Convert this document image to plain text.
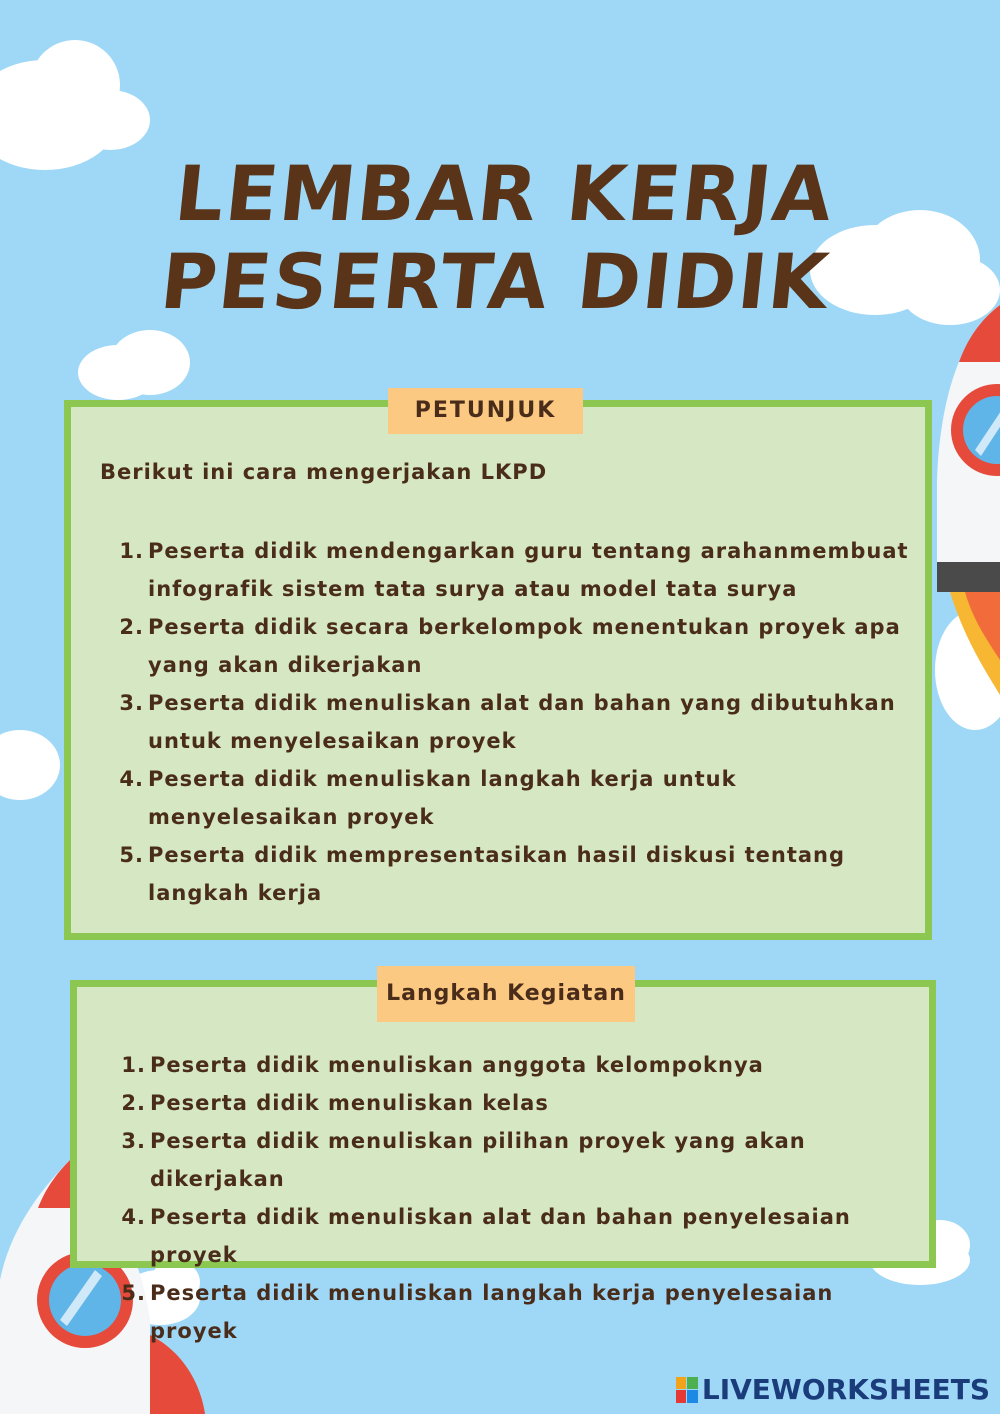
LEMBAR KERJA
PESERTA DIDIK
PETUNJUK
Berikut ini cara mengerjakan LKPD
1. Peserta didik mendengarkan guru tentang arahanmembuat infografik sistem tata surya atau model tata surya
2. Peserta didik secara berkelompok menentukan proyek apa yang akan dikerjakan
3. Peserta didik menuliskan alat dan bahan yang dibutuhkan untuk menyelesaikan proyek
4. Peserta didik menuliskan langkah kerja untuk menyelesaikan proyek
5. Peserta didik mempresentasikan hasil diskusi tentang langkah kerja
Langkah Kegiatan
1. Peserta didik menuliskan anggota kelompoknya
2. Peserta didik menuliskan kelas
3. Peserta didik menuliskan pilihan proyek yang akan dikerjakan
4. Peserta didik menuliskan alat dan bahan penyelesaian proyek
5. Peserta didik menuliskan langkah kerja penyelesaian proyek
LIVEWORKSHEETS
